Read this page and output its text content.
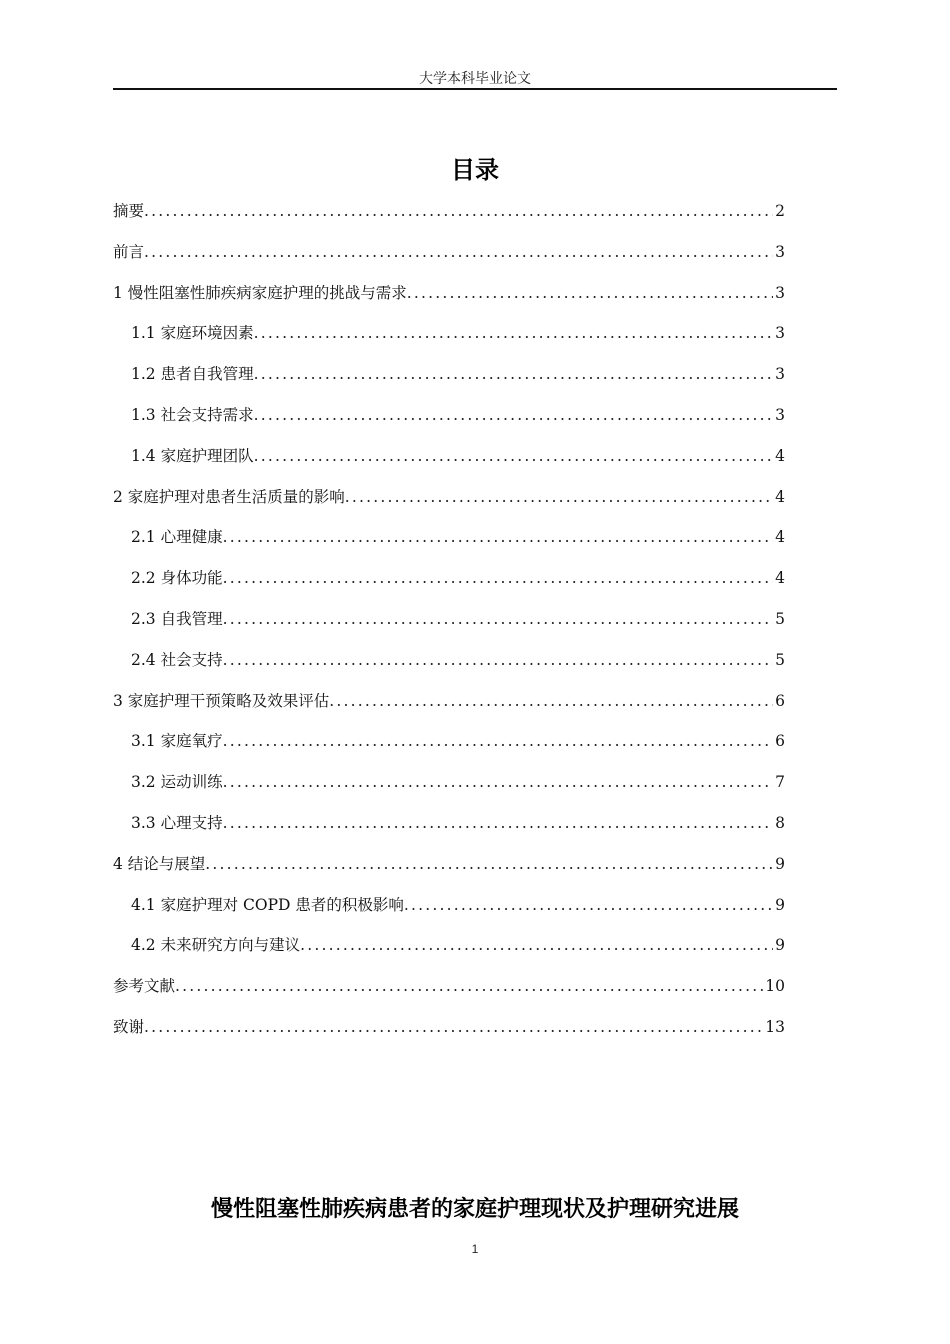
大学本科毕业论文
目录
摘要 .....	2
前言 .....	3
1 慢性阻塞性肺疾病家庭护理的挑战与需求 .....	3
1.1 家庭环境因素 .....	3
1.2 患者自我管理 .....	3
1.3 社会支持需求 .....	3
1.4 家庭护理团队 .....	4
2 家庭护理对患者生活质量的影响 .....	4
2.1 心理健康 .....	4
2.2 身体功能 .....	4
2.3 自我管理 .....	5
2.4 社会支持 .....	5
3 家庭护理干预策略及效果评估 .....	6
3.1 家庭氧疗 .....	6
3.2 运动训练 .....	7
3.3 心理支持 .....	8
4 结论与展望 .....	9
4.1 家庭护理对 COPD 患者的积极影响 .....	9
4.2 未来研究方向与建议 .....	9
参考文献 .....	10
致谢 .....	13
慢性阻塞性肺疾病患者的家庭护理现状及护理研究进展
1
